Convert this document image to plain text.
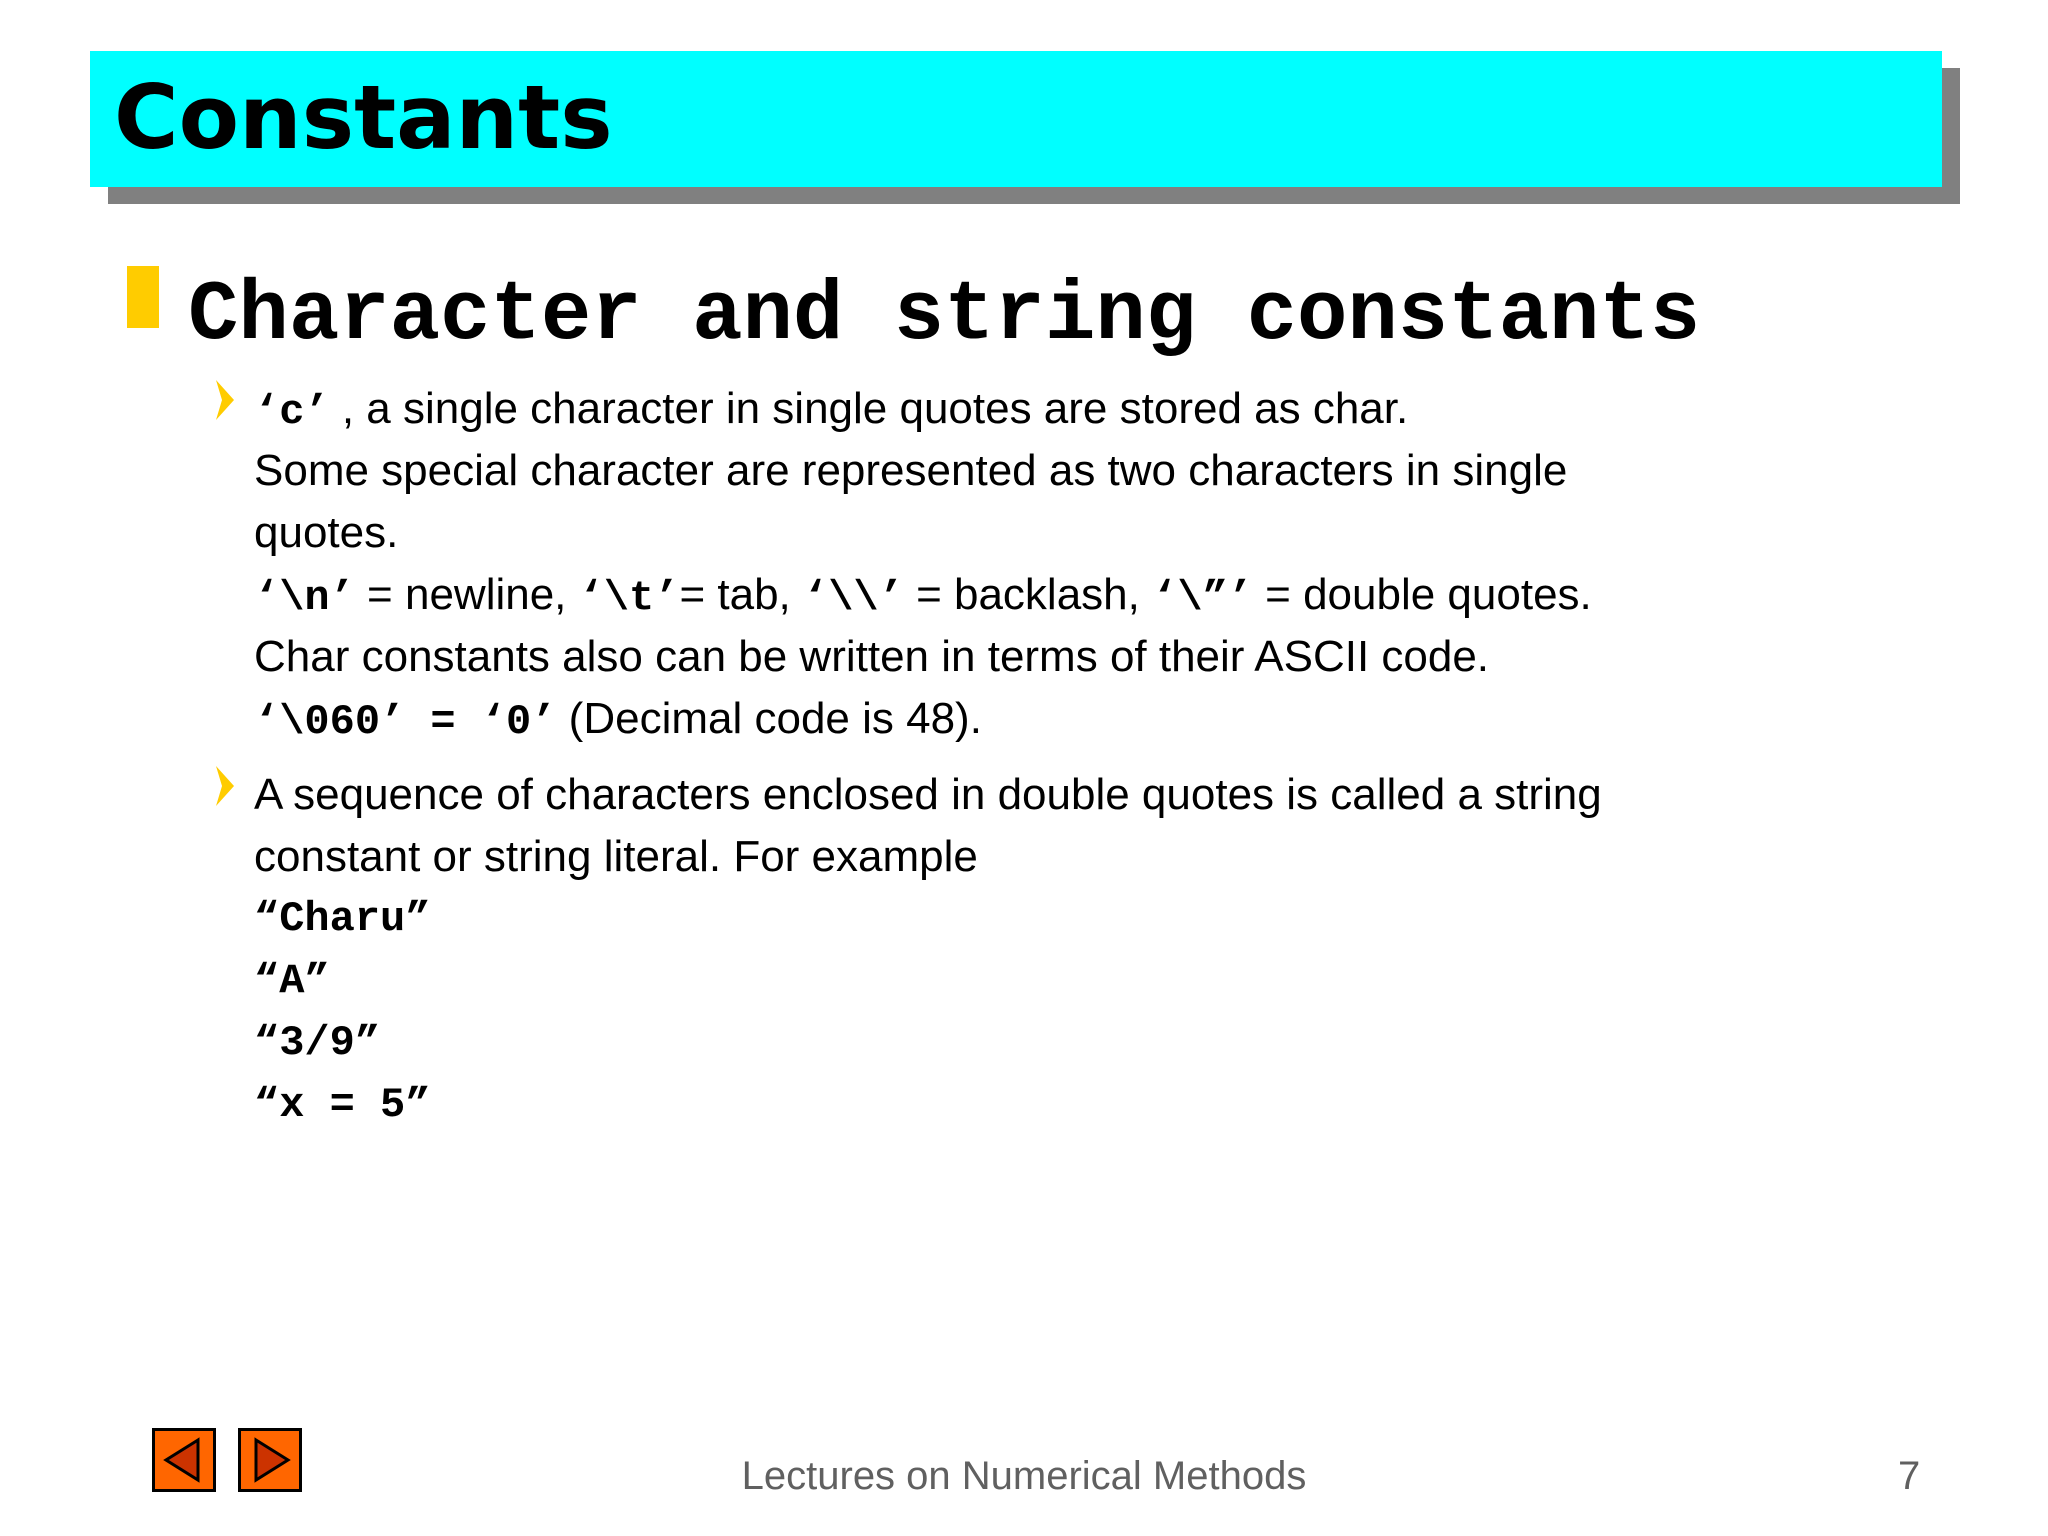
Constants
Character and string constants
‘c’ , a single character in single quotes are stored as char.
Some special character are represented as two characters in single
quotes.
‘\n’ = newline, ‘\t’= tab, ‘\\’ = backlash, ‘\”’ = double quotes.
Char constants also can be written in terms of their ASCII code.
‘\060’ = ‘0’ (Decimal code is 48).
A sequence of characters enclosed in double quotes is called a string
constant or string literal. For example
“Charu”
“A”
“3/9”
“x = 5”
Lectures on Numerical Methods	7
